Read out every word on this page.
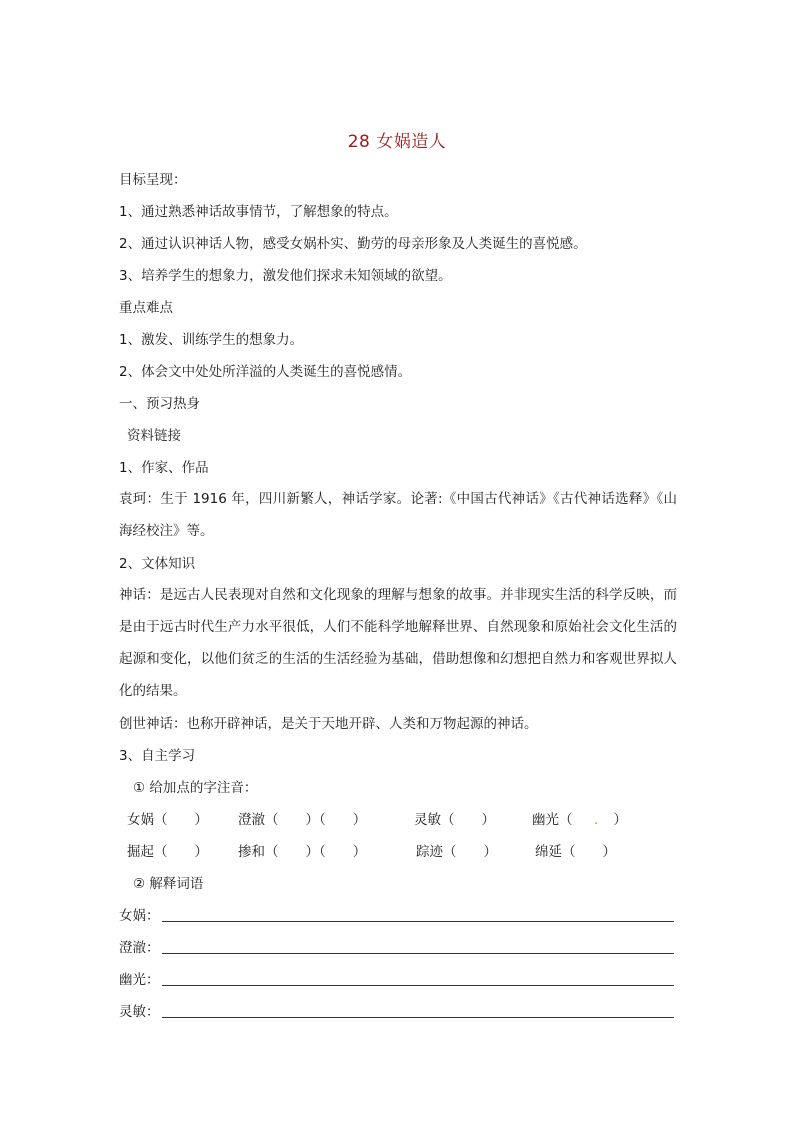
28 女娲造人
目标呈现：
1、通过熟悉神话故事情节，了解想象的特点。
2、通过认识神话人物，感受女娲朴实、勤劳的母亲形象及人类诞生的喜悦感。
3、培养学生的想象力，激发他们探求未知领域的欲望。
重点难点
1、激发、训练学生的想象力。
2、体会文中处处所洋溢的人类诞生的喜悦感情。
一、预习热身
资料链接
1、作家、作品
袁珂：生于 1916 年，四川新繁人，神话学家。论著:《中国古代神话》《古代神话选释》《山海经校注》等。
2、文体知识
神话：是远古人民表现对自然和文化现象的理解与想象的故事。并非现实生活的科学反映，而是由于远古时代生产力水平很低，人们不能科学地解释世界、自然现象和原始社会文化生活的起源和变化，以他们贫乏的生活的生活经验为基础，借助想像和幻想把自然力和客观世界拟人化的结果。
创世神话：也称开辟神话，是关于天地开辟、人类和万物起源的神话。
3、自主学习
① 给加点的字注音：
女娲（　　） 澄澈（　　）（　　）	灵敏（　　）	幽光（　 . 　）
掘起（　　） 掺和（　　）（　　）	踪迹（　　）	绵延（　　）
② 解释词语
女娲：
澄澈：
幽光：
灵敏：
